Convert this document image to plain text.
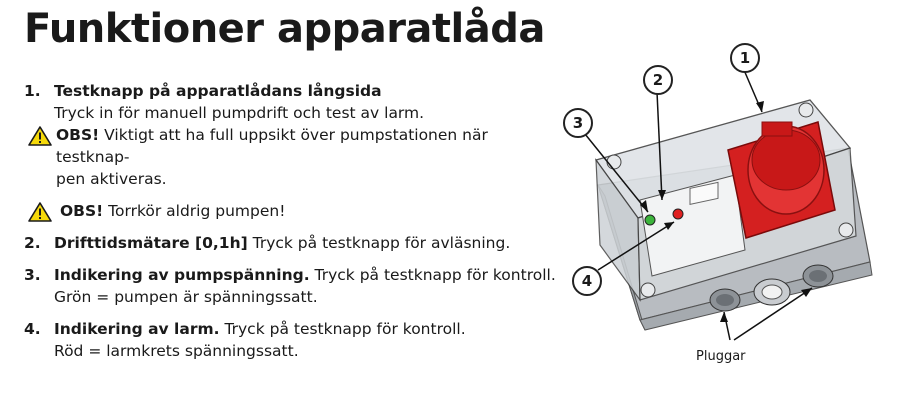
Funktioner apparatlåda
1. Testknapp på apparatlådans långsida
Tryck in för manuell pumpdrift och test av larm.
OBS! Viktigt att ha full uppsikt över pumpstationen när testknap-
pen aktiveras.
OBS! Torrkör aldrig pumpen!
2. Drifttidsmätare [0,1h] Tryck på testknapp för avläsning.
3. Indikering av pumpspänning. Tryck på testknapp för kontroll.
Grön = pumpen är spänningssatt.
4. Indikering av larm. Tryck på testknapp för kontroll.
Röd = larmkrets spänningssatt.
1
2
3
4
Pluggar
